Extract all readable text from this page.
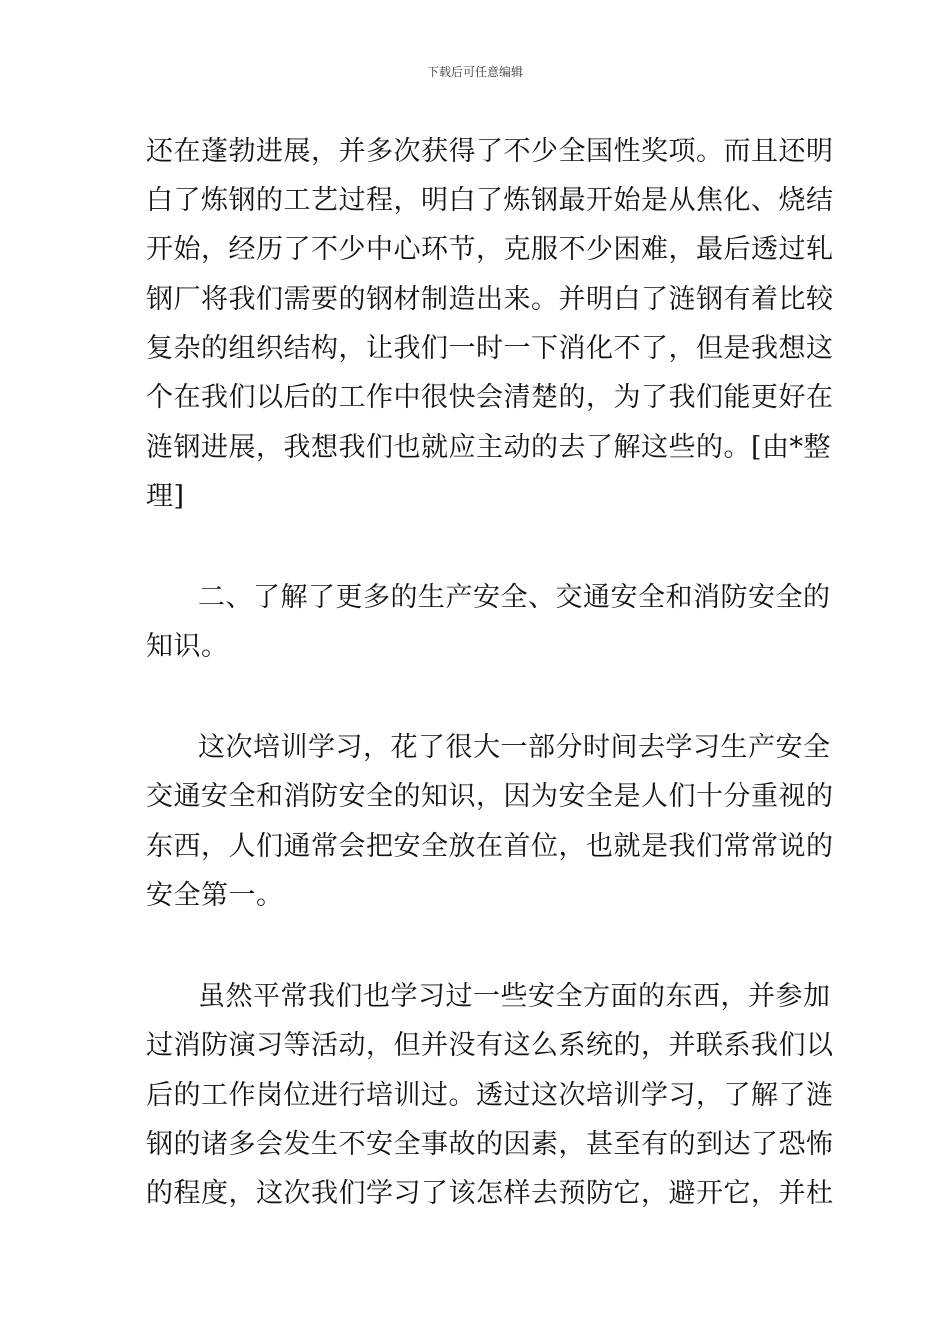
下载后可任意编辑
还在蓬勃进展，并多次获得了不少全国性奖项。而且还明
白了炼钢的工艺过程，明白了炼钢最开始是从焦化、烧结
开始，经历了不少中心环节，克服不少困难，最后透过轧
钢厂将我们需要的钢材制造出来。并明白了涟钢有着比较
复杂的组织结构，让我们一时一下消化不了，但是我想这
个在我们以后的工作中很快会清楚的，为了我们能更好在
涟钢进展，我想我们也就应主动的去了解这些的。[由*整
理]
二、了解了更多的生产安全、交通安全和消防安全的
知识。
这次培训学习，花了很大一部分时间去学习生产安全
交通安全和消防安全的知识，因为安全是人们十分重视的
东西，人们通常会把安全放在首位，也就是我们常常说的
安全第一。
虽然平常我们也学习过一些安全方面的东西，并参加
过消防演习等活动，但并没有这么系统的，并联系我们以
后的工作岗位进行培训过。透过这次培训学习，了解了涟
钢的诸多会发生不安全事故的因素，甚至有的到达了恐怖
的程度，这次我们学习了该怎样去预防它，避开它，并杜
